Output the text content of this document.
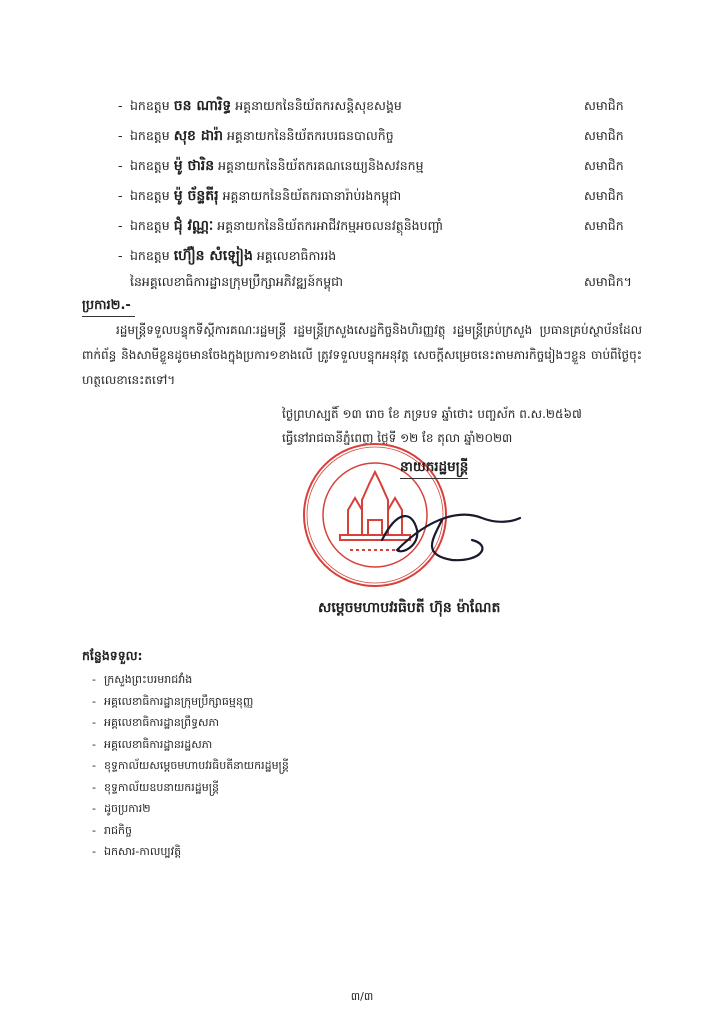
- ឯកឧត្តម ចន ណារិទ្ធ អគ្គនាយកនៃនិយ័តករសន្តិសុខសង្គម	សមាជិក
- ឯកឧត្តម សុខ ដារ៉ា អគ្គនាយកនៃនិយ័តករបរធនបាលកិច្ច	សមាជិក
- ឯកឧត្តម ម៉ូ ថារិន អគ្គនាយកនៃនិយ័តករគណនេយ្យនិងសវនកម្ម	សមាជិក
- ឯកឧត្តម ម៉ូ ច័ន្ទតីរុ អគ្គនាយកនៃនិយ័តករធានារ៉ាប់រងកម្ពុជា	សមាជិក
- ឯកឧត្តម ជុំ វណ្ណៈ អគ្គនាយកនៃនិយ័តករអាជីវកម្មអចលនវត្ថុនិងបញ្ចាំ	សមាជិក
- ឯកឧត្តម ហ៊ឿន សំឡៀង អគ្គលេខាធិការរង
នៃអគ្គលេខាធិការដ្ឋានក្រុមប្រឹក្សាអភិវឌ្ឍន៍កម្ពុជា	សមាជិក។
ប្រការ២.-

រដ្ឋមន្ត្រីទទួលបន្ទុកទីស្តីការគណៈរដ្ឋមន្ត្រី រដ្ឋមន្ត្រីក្រសួងសេដ្ឋកិច្ចនិងហិរញ្ញវត្ថុ រដ្ឋមន្ត្រីគ្រប់ក្រសួង ប្រធានគ្រប់ស្ថាប័នដែលពាក់ព័ន្ធ និងសាមីខ្លួនដូចមានចែងក្នុងប្រការ១ខាងលើ ត្រូវទទួលបន្ទុកអនុវត្ត សេចក្តីសម្រេចនេះតាមភារកិច្ចរៀងៗខ្លួន ចាប់ពីថ្ងៃចុះហត្ថលេខានេះតទៅ។

ថ្ងៃព្រហស្បតិ៍ ១៣ រោច ខែ ភទ្របទ ឆ្នាំថោះ បញ្ចស័ក ព.ស.២៥៦៧
ធ្វើនៅរាជធានីភ្នំពេញ ថ្ងៃទី ១២ ខែ តុលា ឆ្នាំ២០២៣
នាយករដ្ឋមន្ត្រី
សម្តេចមហាបវរធិបតី ហ៊ុន ម៉ាណែត
កន្លែងទទួល:
- ក្រសួងព្រះបរមរាជវាំង
- អគ្គលេខាធិការដ្ឋានក្រុមប្រឹក្សាធម្មនុញ្ញ
- អគ្គលេខាធិការដ្ឋានព្រឹទ្ធសភា
- អគ្គលេខាធិការដ្ឋានរដ្ឋសភា
- ខុទ្ទកាល័យសម្តេចមហាបវរធិបតីនាយករដ្ឋមន្ត្រី
- ខុទ្ទកាល័យឧបនាយករដ្ឋមន្ត្រី
- ដូចប្រការ២
- រាជកិច្ច
- ឯកសារ-កាលប្បវត្តិ
៣/៣
